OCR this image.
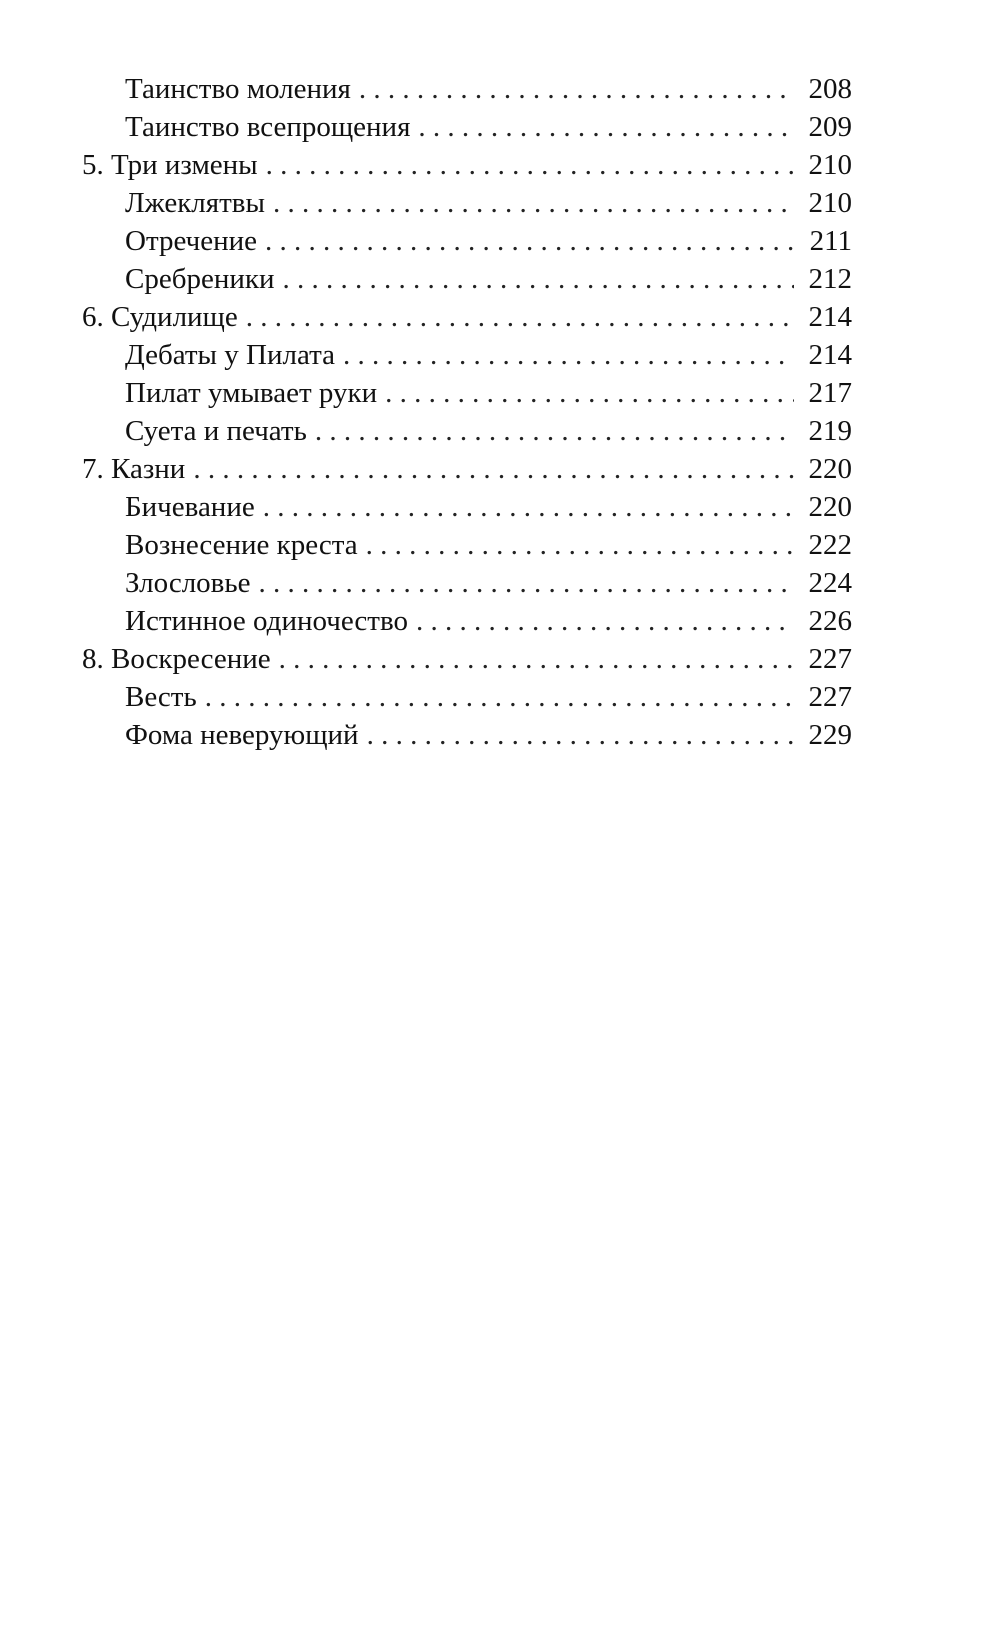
Таинство моления . . .	208
Таинство всепрощения . . .	209
5. Три измены . . .	210
Лжеклятвы . . .	210
Отречение . . .	211
Сребреники . . .	212
6. Судилище . . .	214
Дебаты у Пилата . . .	214
Пилат умывает руки . . .	217
Суета и печать . . .	219
7. Казни . . .	220
Бичевание . . .	220
Вознесение креста . . .	222
Злословье . . .	224
Истинное одиночество . . .	226
8. Воскресение . . .	227
Весть . . .	227
Фома неверующий . . .	229
